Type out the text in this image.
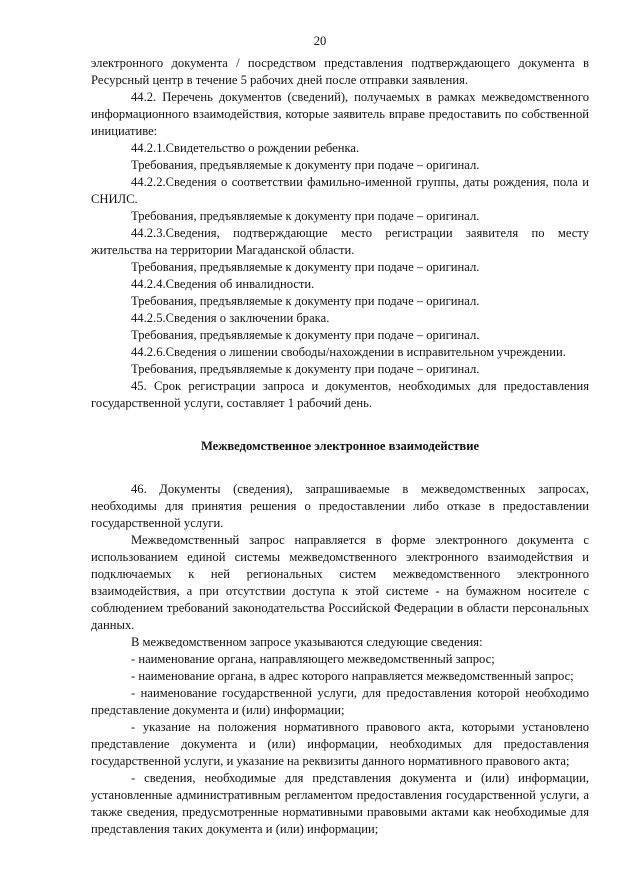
20

электронного документа / посредством представления подтверждающего документа в Ресурсный центр в течение 5 рабочих дней после отправки заявления.

44.2. Перечень документов (сведений), получаемых в рамках межведомственного информационного взаимодействия, которые заявитель вправе предоставить по собственной инициативе:

44.2.1.Свидетельство о рождении ребенка.

Требования, предъявляемые к документу при подаче – оригинал.

44.2.2.Сведения о соответствии фамильно-именной группы, даты рождения, пола и СНИЛС.

Требования, предъявляемые к документу при подаче – оригинал.

44.2.3.Сведения, подтверждающие место регистрации заявителя по месту жительства на территории Магаданской области.

Требования, предъявляемые к документу при подаче – оригинал.

44.2.4.Сведения об инвалидности.

Требования, предъявляемые к документу при подаче – оригинал.

44.2.5.Сведения о заключении брака.

Требования, предъявляемые к документу при подаче – оригинал.

44.2.6.Сведения о лишении свободы/нахождении в исправительном учреждении.

Требования, предъявляемые к документу при подаче – оригинал.

45. Срок регистрации запроса и документов, необходимых для предоставления государственной услуги, составляет 1 рабочий день.

Межведомственное электронное взаимодействие

46. Документы (сведения), запрашиваемые в межведомственных запросах, необходимы для принятия решения о предоставлении либо отказе в предоставлении государственной услуги.

Межведомственный запрос направляется в форме электронного документа с использованием единой системы межведомственного электронного взаимодействия и подключаемых к ней региональных систем межведомственного электронного взаимодействия, а при отсутствии доступа к этой системе - на бумажном носителе с соблюдением требований законодательства Российской Федерации в области персональных данных.

В межведомственном запросе указываются следующие сведения:

- наименование органа, направляющего межведомственный запрос;

- наименование органа, в адрес которого направляется межведомственный запрос;

- наименование государственной услуги, для предоставления которой необходимо представление документа и (или) информации;

- указание на положения нормативного правового акта, которыми установлено представление документа и (или) информации, необходимых для предоставления государственной услуги, и указание на реквизиты данного нормативного правового акта;

- сведения, необходимые для представления документа и (или) информации, установленные административным регламентом предоставления государственной услуги, а также сведения, предусмотренные нормативными правовыми актами как необходимые для представления таких документа и (или) информации;
